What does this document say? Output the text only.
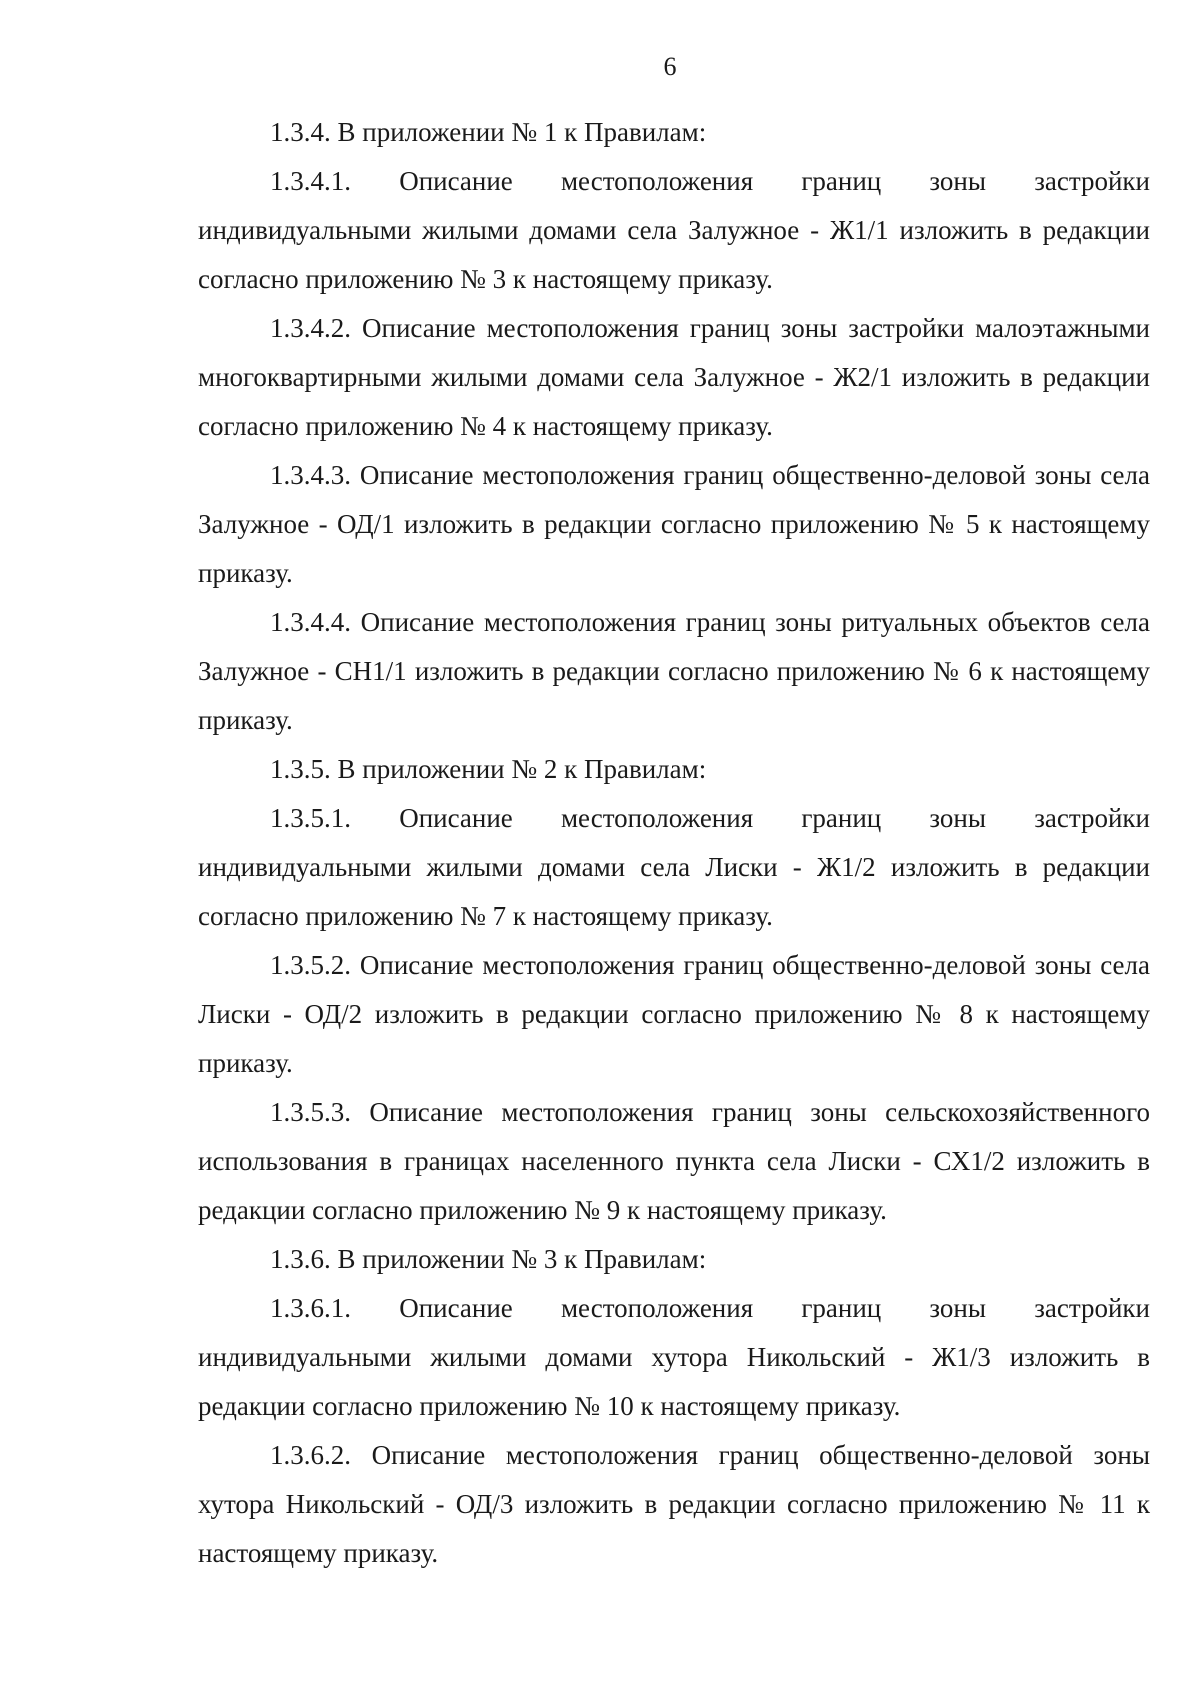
6

1.3.4. В приложении № 1 к Правилам:

1.3.4.1. Описание местоположения границ зоны застройки индивидуальными жилыми домами села Залужное - Ж1/1 изложить в редакции согласно приложению № 3 к настоящему приказу.

1.3.4.2. Описание местоположения границ зоны застройки малоэтажными многоквартирными жилыми домами села Залужное - Ж2/1 изложить в редакции согласно приложению № 4 к настоящему приказу.

1.3.4.3. Описание местоположения границ общественно-деловой зоны села Залужное - ОД/1 изложить в редакции согласно приложению № 5 к настоящему приказу.

1.3.4.4. Описание местоположения границ зоны ритуальных объектов села Залужное - СН1/1 изложить в редакции согласно приложению № 6 к настоящему приказу.

1.3.5. В приложении № 2 к Правилам:

1.3.5.1. Описание местоположения границ зоны застройки индивидуальными жилыми домами села Лиски - Ж1/2 изложить в редакции согласно приложению № 7 к настоящему приказу.

1.3.5.2. Описание местоположения границ общественно-деловой зоны села Лиски - ОД/2 изложить в редакции согласно приложению № 8 к настоящему приказу.

1.3.5.3. Описание местоположения границ зоны сельскохозяйственного использования в границах населенного пункта села Лиски - СХ1/2 изложить в редакции согласно приложению № 9 к настоящему приказу.

1.3.6. В приложении № 3 к Правилам:

1.3.6.1. Описание местоположения границ зоны застройки индивидуальными жилыми домами хутора Никольский - Ж1/3 изложить в редакции согласно приложению № 10 к настоящему приказу.

1.3.6.2. Описание местоположения границ общественно-деловой зоны хутора Никольский - ОД/3 изложить в редакции согласно приложению № 11 к настоящему приказу.
